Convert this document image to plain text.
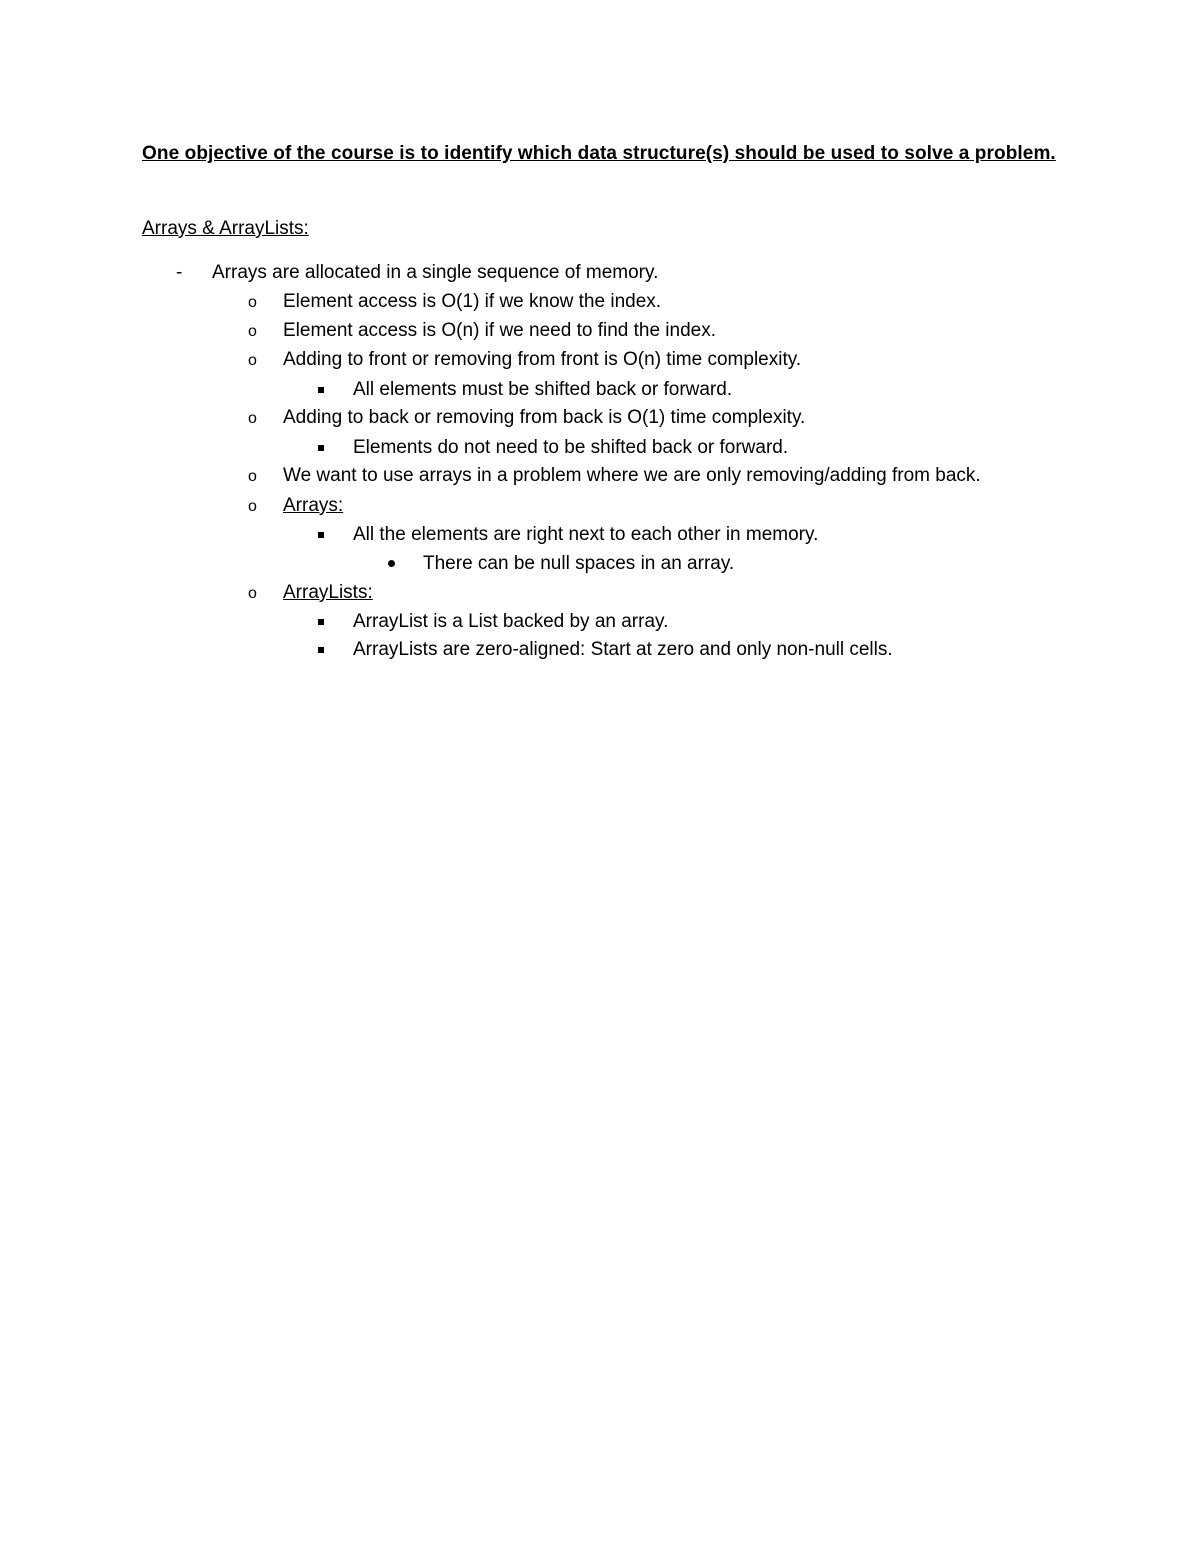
One objective of the course is to identify which data structure(s) should be used to solve a problem.
Arrays & ArrayLists:
- Arrays are allocated in a single sequence of memory.
o Element access is O(1) if we know the index.
o Element access is O(n) if we need to find the index.
o Adding to front or removing from front is O(n) time complexity.
All elements must be shifted back or forward.
o Adding to back or removing from back is O(1) time complexity.
Elements do not need to be shifted back or forward.
o We want to use arrays in a problem where we are only removing/adding from back.
o Arrays:
All the elements are right next to each other in memory.
There can be null spaces in an array.
o ArrayLists:
ArrayList is a List backed by an array.
ArrayLists are zero-aligned: Start at zero and only non-null cells.
